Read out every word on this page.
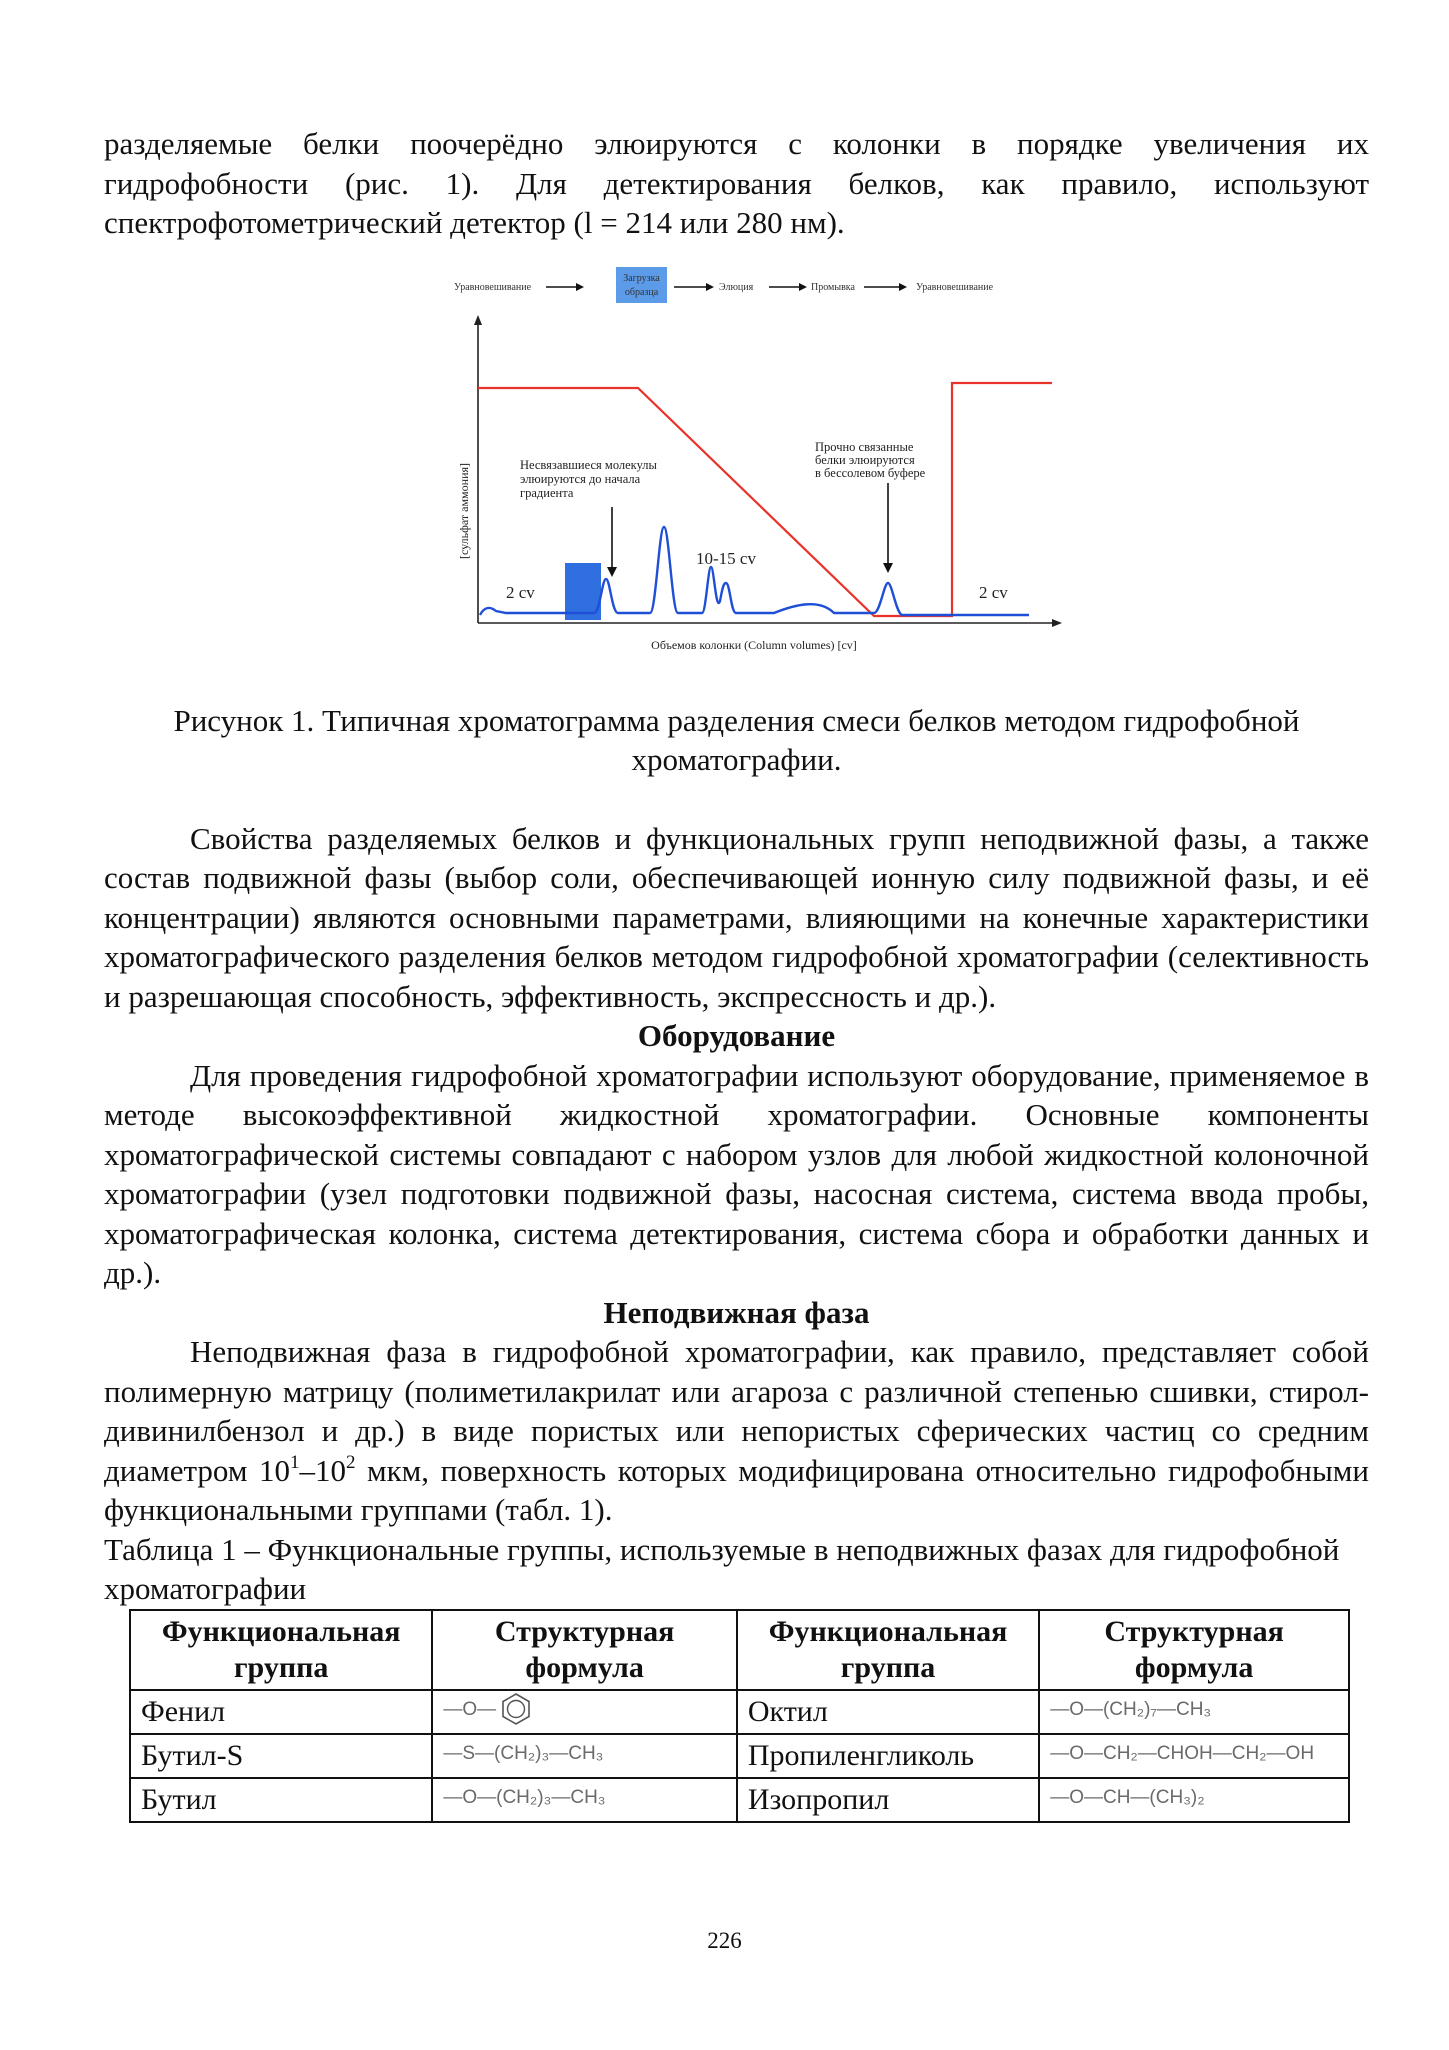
разделяемые белки поочерёдно элюируются с колонки в порядке увеличения их гидрофобности (рис. 1). Для детектирования белков, как правило, используют спектрофотометрический детектор (l = 214 или 280 нм).

Уравновешивание
Загрузка
образца	Элюция	Промывка	Уравновешивание
[сульфат аммония]
Объемов колонки (Column volumes) [cv]
Несвязавшиеся молекулы
элюируются до начала
градиента
Прочно связанные
белки элюируются
в бессолевом буфере
2 cv
10-15 cv
2 cv

Рисунок 1. Типичная хроматограмма разделения смеси белков методом гидрофобной хроматографии.

Свойства разделяемых белков и функциональных групп неподвижной фазы, а также состав подвижной фазы (выбор соли, обеспечивающей ионную силу подвижной фазы, и её концентрации) являются основными параметрами, влияющими на конечные характеристики хроматографического разделения белков методом гидрофобной хроматографии (селективность и разрешающая способность, эффективность, экспрессность и др.).

Оборудование

Для проведения гидрофобной хроматографии используют оборудование, применяемое в методе высокоэффективной жидкостной хроматографии. Основные компоненты хроматографической системы совпадают с набором узлов для любой жидкостной колоночной хроматографии (узел подготовки подвижной фазы, насосная система, система ввода пробы, хроматографическая колонка, система детектирования, система сбора и обработки данных и др.).

Неподвижная фаза

Неподвижная фаза в гидрофобной хроматографии, как правило, представляет собой полимерную матрицу (полиметилакрилат или агароза с различной степенью сшивки, стирол-дивинилбензол и др.) в виде пористых или непористых сферических частиц со средним диаметром $10^1-10^2$ мкм, поверхность которых модифицирована относительно гидрофобными функциональными группами (табл. 1).

Таблица 1 – Функциональные группы, используемые в неподвижных фазах для гидрофобной хроматографии

Функциональная группа	Структурная формула	Функциональная группа	Структурная формула
Фенил	—O—	Октил	—O—(CH₂)₇—CH₃
Бутил-S	—S—(CH₂)₃—CH₃	Пропиленгликоль	—O—CH₂—CHOH—CH₂—OH
Бутил	—O—(CH₂)₃—CH₃	Изопропил	—O—CH—(CH₃)₂
226
